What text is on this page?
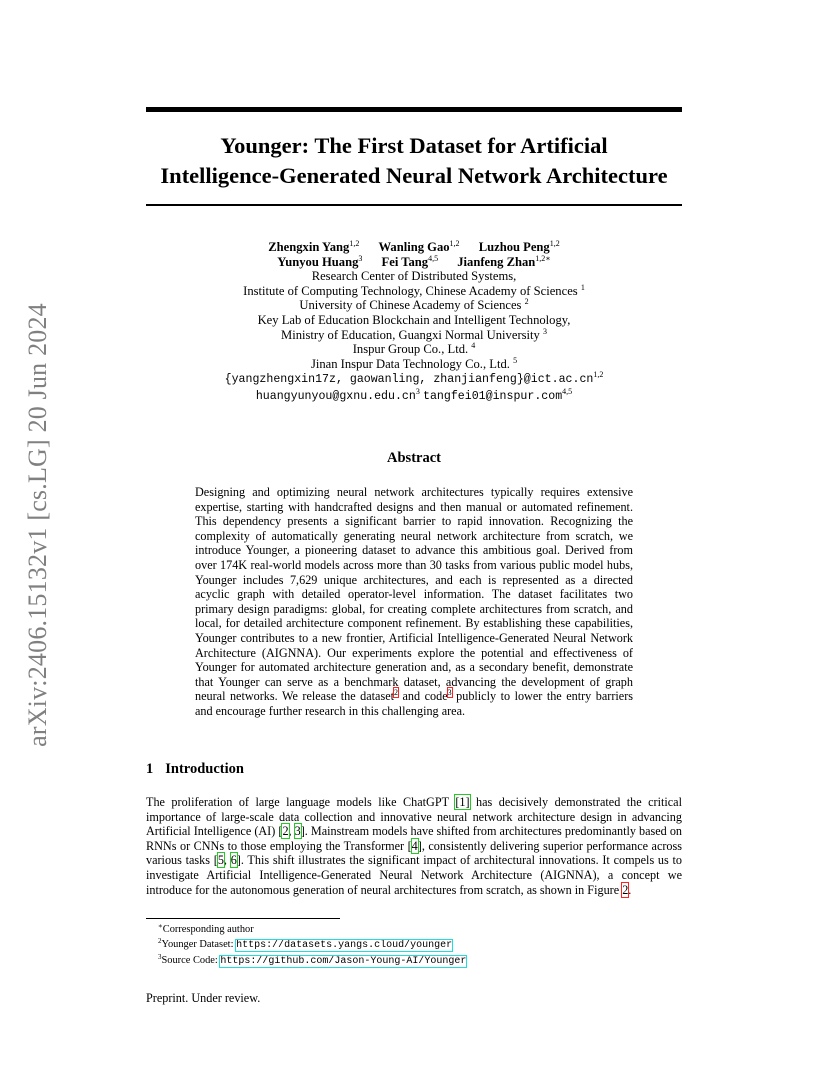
arXiv:2406.15132v1 [cs.LG] 20 Jun 2024
Younger: The First Dataset for Artificial
Intelligence-Generated Neural Network Architecture
Zhengxin Yang$^{1,2}$ Wanling Gao$^{1,2}$ Luzhou Peng$^{1,2}$
Yunyou Huang$^3$ Fei Tang$^{4,5}$ Jianfeng Zhan$^{1,2∗}$
Research Center of Distributed Systems,
Institute of Computing Technology, Chinese Academy of Sciences $^1$
University of Chinese Academy of Sciences $^2$
Key Lab of Education Blockchain and Intelligent Technology,
Ministry of Education, Guangxi Normal University $^3$
Inspur Group Co., Ltd. $^4$
Jinan Inspur Data Technology Co., Ltd. $^5$
{yangzhengxin17z, gaowanling, zhanjianfeng}@ict.ac.cn$^{1,2}$
$huangyunyou@gxnu.edu.cn^3$ tangfei01@inspur.com$^{4,5}$
Abstract
Designing and optimizing neural network architectures typically requires extensive expertise, starting with handcrafted designs and then manual or automated refinement. This dependency presents a significant barrier to rapid innovation. Recognizing the complexity of automatically generating neural network architecture from scratch, we introduce Younger, a pioneering dataset to advance this ambitious goal. Derived from over 174K real-world models across more than 30 tasks from various public model hubs, Younger includes 7,629 unique architectures, and each is represented as a directed acyclic graph with detailed operator-level information. The dataset facilitates two primary design paradigms: global, for creating complete architectures from scratch, and local, for detailed architecture component refinement. By establishing these capabilities, Younger contributes to a new frontier, Artificial Intelligence-Generated Neural Network Architecture (AIGNNA). Our experiments explore the potential and effectiveness of Younger for automated architecture generation and, as a secondary benefit, demonstrate that Younger can serve as a benchmark dataset, advancing the development of graph neural networks. We release the dataset$^2$ and code$^3$ publicly to lower the entry barriers and encourage further research in this challenging area.
1 Introduction
The proliferation of large language models like ChatGPT [1] has decisively demonstrated the critical importance of large-scale data collection and innovative neural network architecture design in advancing Artificial Intelligence (AI) [2, 3]. Mainstream models have shifted from architectures predominantly based on RNNs or CNNs to those employing the Transformer [4], consistently delivering superior performance across various tasks [5, 6]. This shift illustrates the significant impact of architectural innovations. It compels us to investigate Artificial Intelligence-Generated Neural Network Architecture (AIGNNA), a concept we introduce for the autonomous generation of neural architectures from scratch, as shown in Figure 2.
∗Corresponding author
$^2$Younger Dataset: https://datasets.yangs.cloud/younger
$^3$Source Code: https://github.com/Jason-Young-AI/Younger
Preprint. Under review.
